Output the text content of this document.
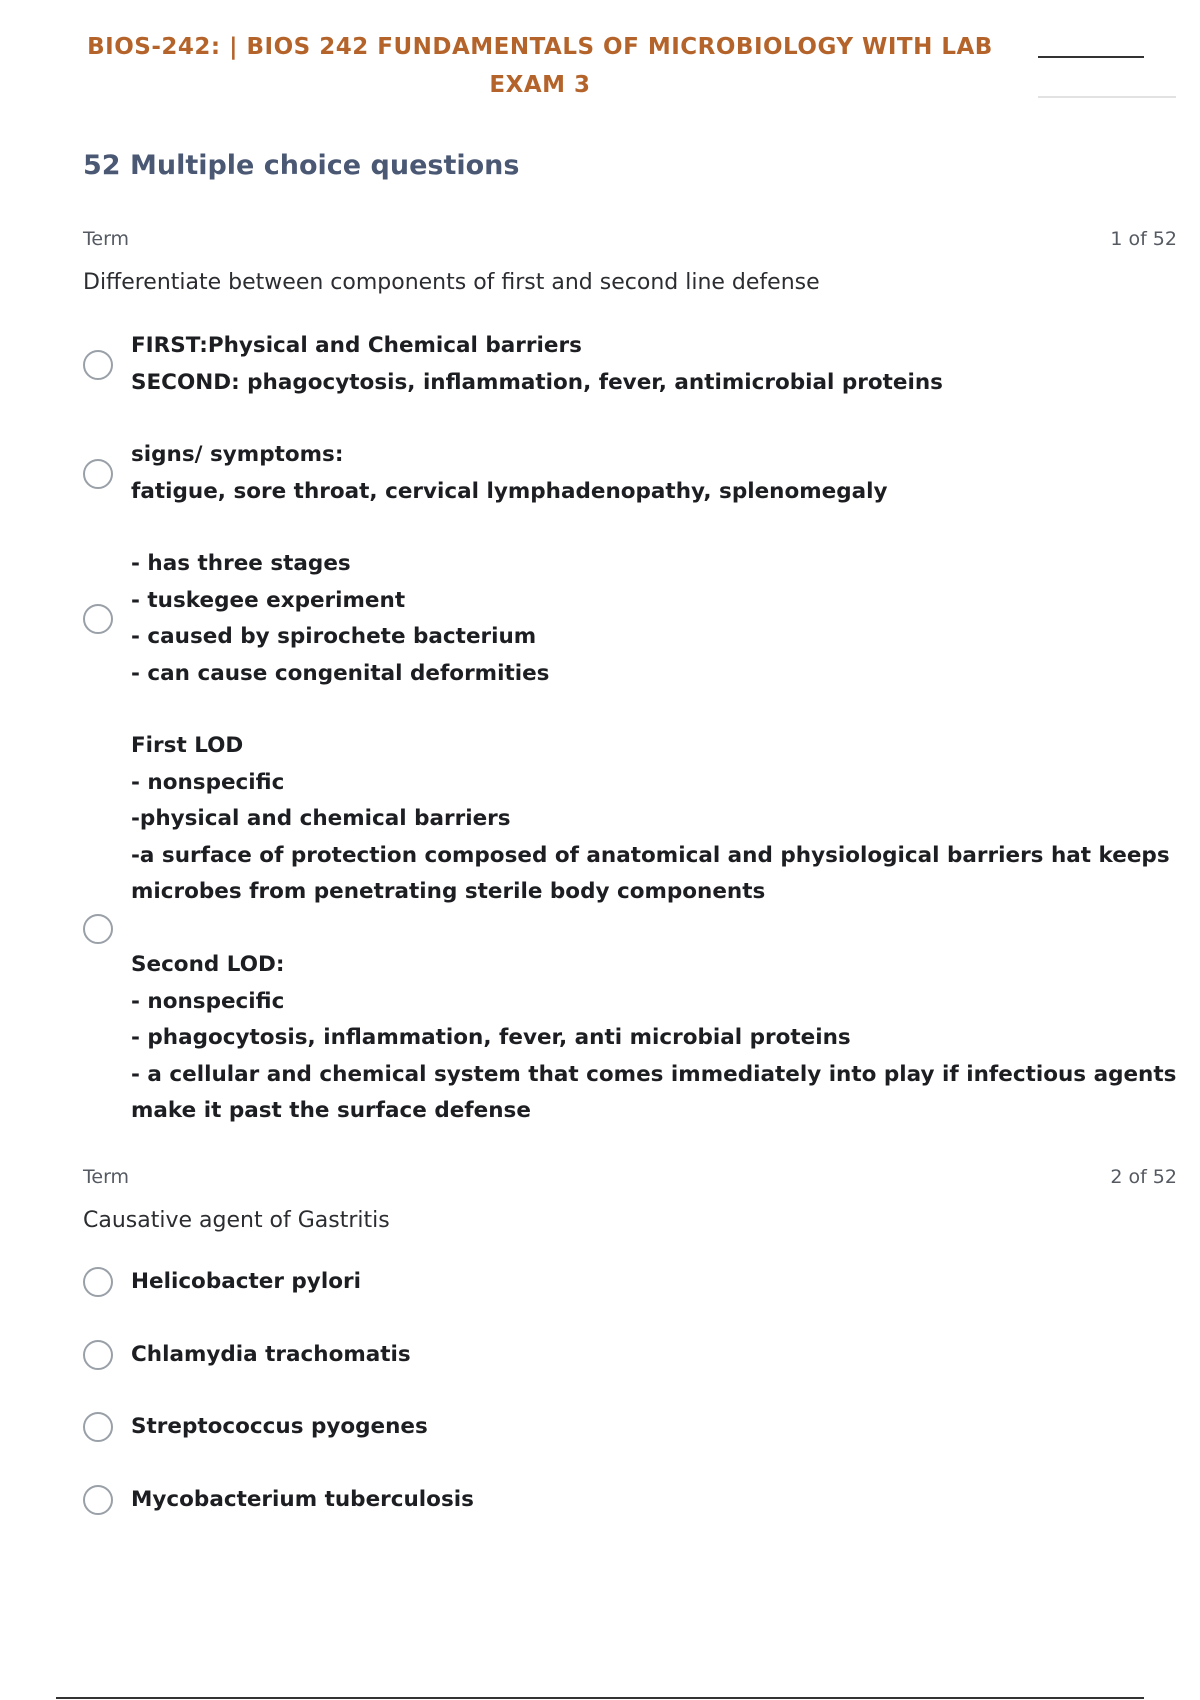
BIOS-242: | BIOS 242 FUNDAMENTALS OF MICROBIOLOGY WITH LAB
EXAM 3
52 Multiple choice questions
Term	1 of 52
Differentiate between components of first and second line defense
FIRST:Physical and Chemical barriers
SECOND: phagocytosis, inflammation, fever, antimicrobial proteins
signs/ symptoms:
fatigue, sore throat, cervical lymphadenopathy, splenomegaly
- has three stages
- tuskegee experiment
- caused by spirochete bacterium
- can cause congenital deformities
First LOD
- nonspecific
-physical and chemical barriers
-a surface of protection composed of anatomical and physiological barriers hat keeps
microbes from penetrating sterile body components
Second LOD:
- nonspecific
- phagocytosis, inflammation, fever, anti microbial proteins
- a cellular and chemical system that comes immediately into play if infectious agents
make it past the surface defense
Term	2 of 52
Causative agent of Gastritis
Helicobacter pylori
Chlamydia trachomatis
Streptococcus pyogenes
Mycobacterium tuberculosis
